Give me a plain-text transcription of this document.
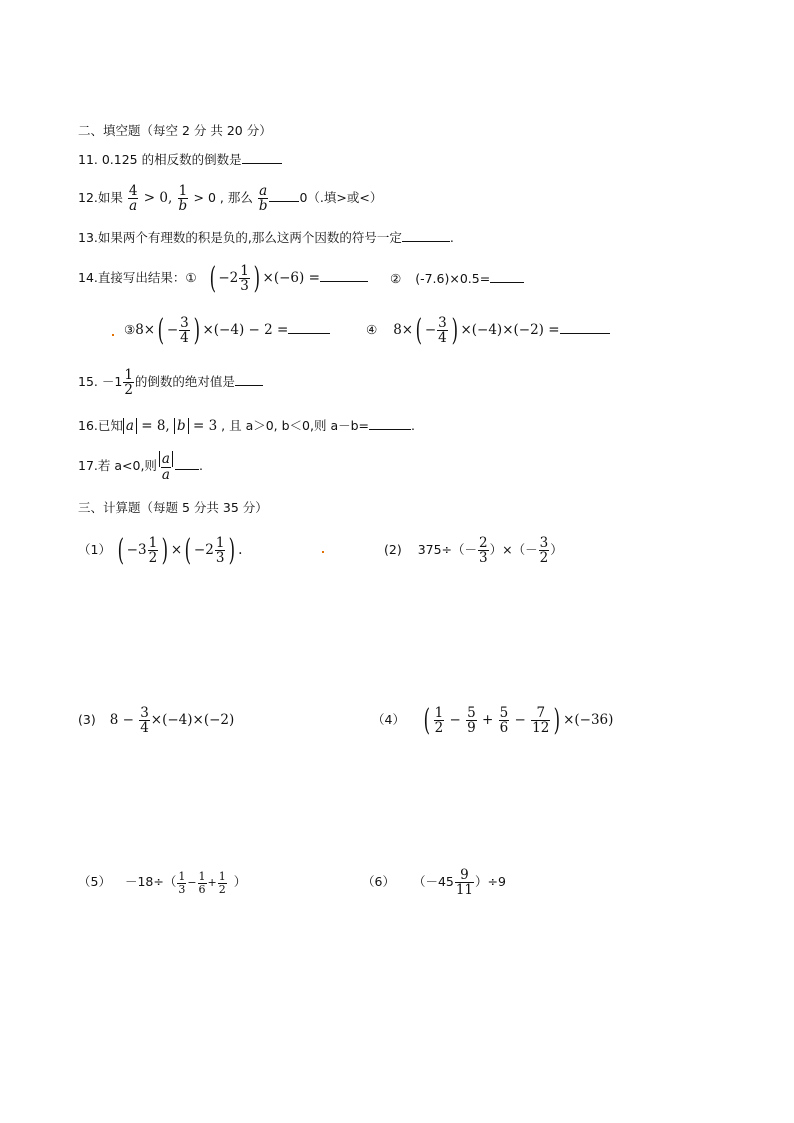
二、填空题（每空 2 分 共 20 分）
11. 0.125 的相反数的倒数是
12.如果 $\frac{4}{a} > 0$, $\frac{1}{b} > 0$ , 那么 $\frac{a}{b} 0$（.填>或<）
13.如果两个有理数的积是负的,那么这两个因数的符号一定	.
14.直接写出结果：① ( $-2 \frac{1}{3}$ ) ×(−6) =	② (-7.6)×0.5=
③8×( − $\frac{3}{4}$ ) ×(−4) − 2 =	④ $8\times( - \frac{3}{4}$ ) ×(−4)×(−2) =
15. $-1 \frac{1}{2}$ 的倒数的绝对值是
16.已知 a = 8, b = 3 , 且 a＞0, b＜0,则 a－b=	.
17.若 a<0,则 $\frac{a}{a}$ .
三、计算题（每题 5 分共 35 分）
（1） ( $-3 \frac{1}{2}$ ) ×( $-2 \frac{1}{3}$ ) .	(2) $375\div(- \frac{2}{3}$ ）×（－ $\frac{3}{2}$ ）
(3) $8 - \frac{3}{4} \times(-4)\times(-2)$	（4） ( $\frac{1}{2} - \frac{5}{9} + \frac{5}{6} - \frac{7}{12}$ ) ×(−36)
$(5) -18\div( \frac{1}{3} - \frac{1}{6} + \frac{1}{2}$ ）	（6） $(-45 \frac{9}{11} )\div 9$
